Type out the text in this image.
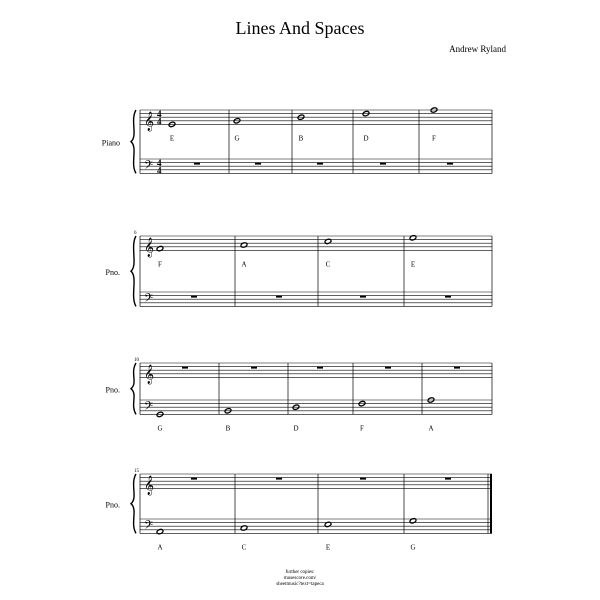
Lines And Spaces
Andrew Ryland
𝄞
𝄢
4
4
4
4
Piano
E	G	B	D	F
𝄞
𝄢
6
Pno.
F	A	C	E
𝄞
𝄢
10
Pno.
G	B	D	F	A
𝄞
𝄢
15
Pno.
A	C	E	G
further copies:
musescore.com/
sheetmusic?text=tapeca
